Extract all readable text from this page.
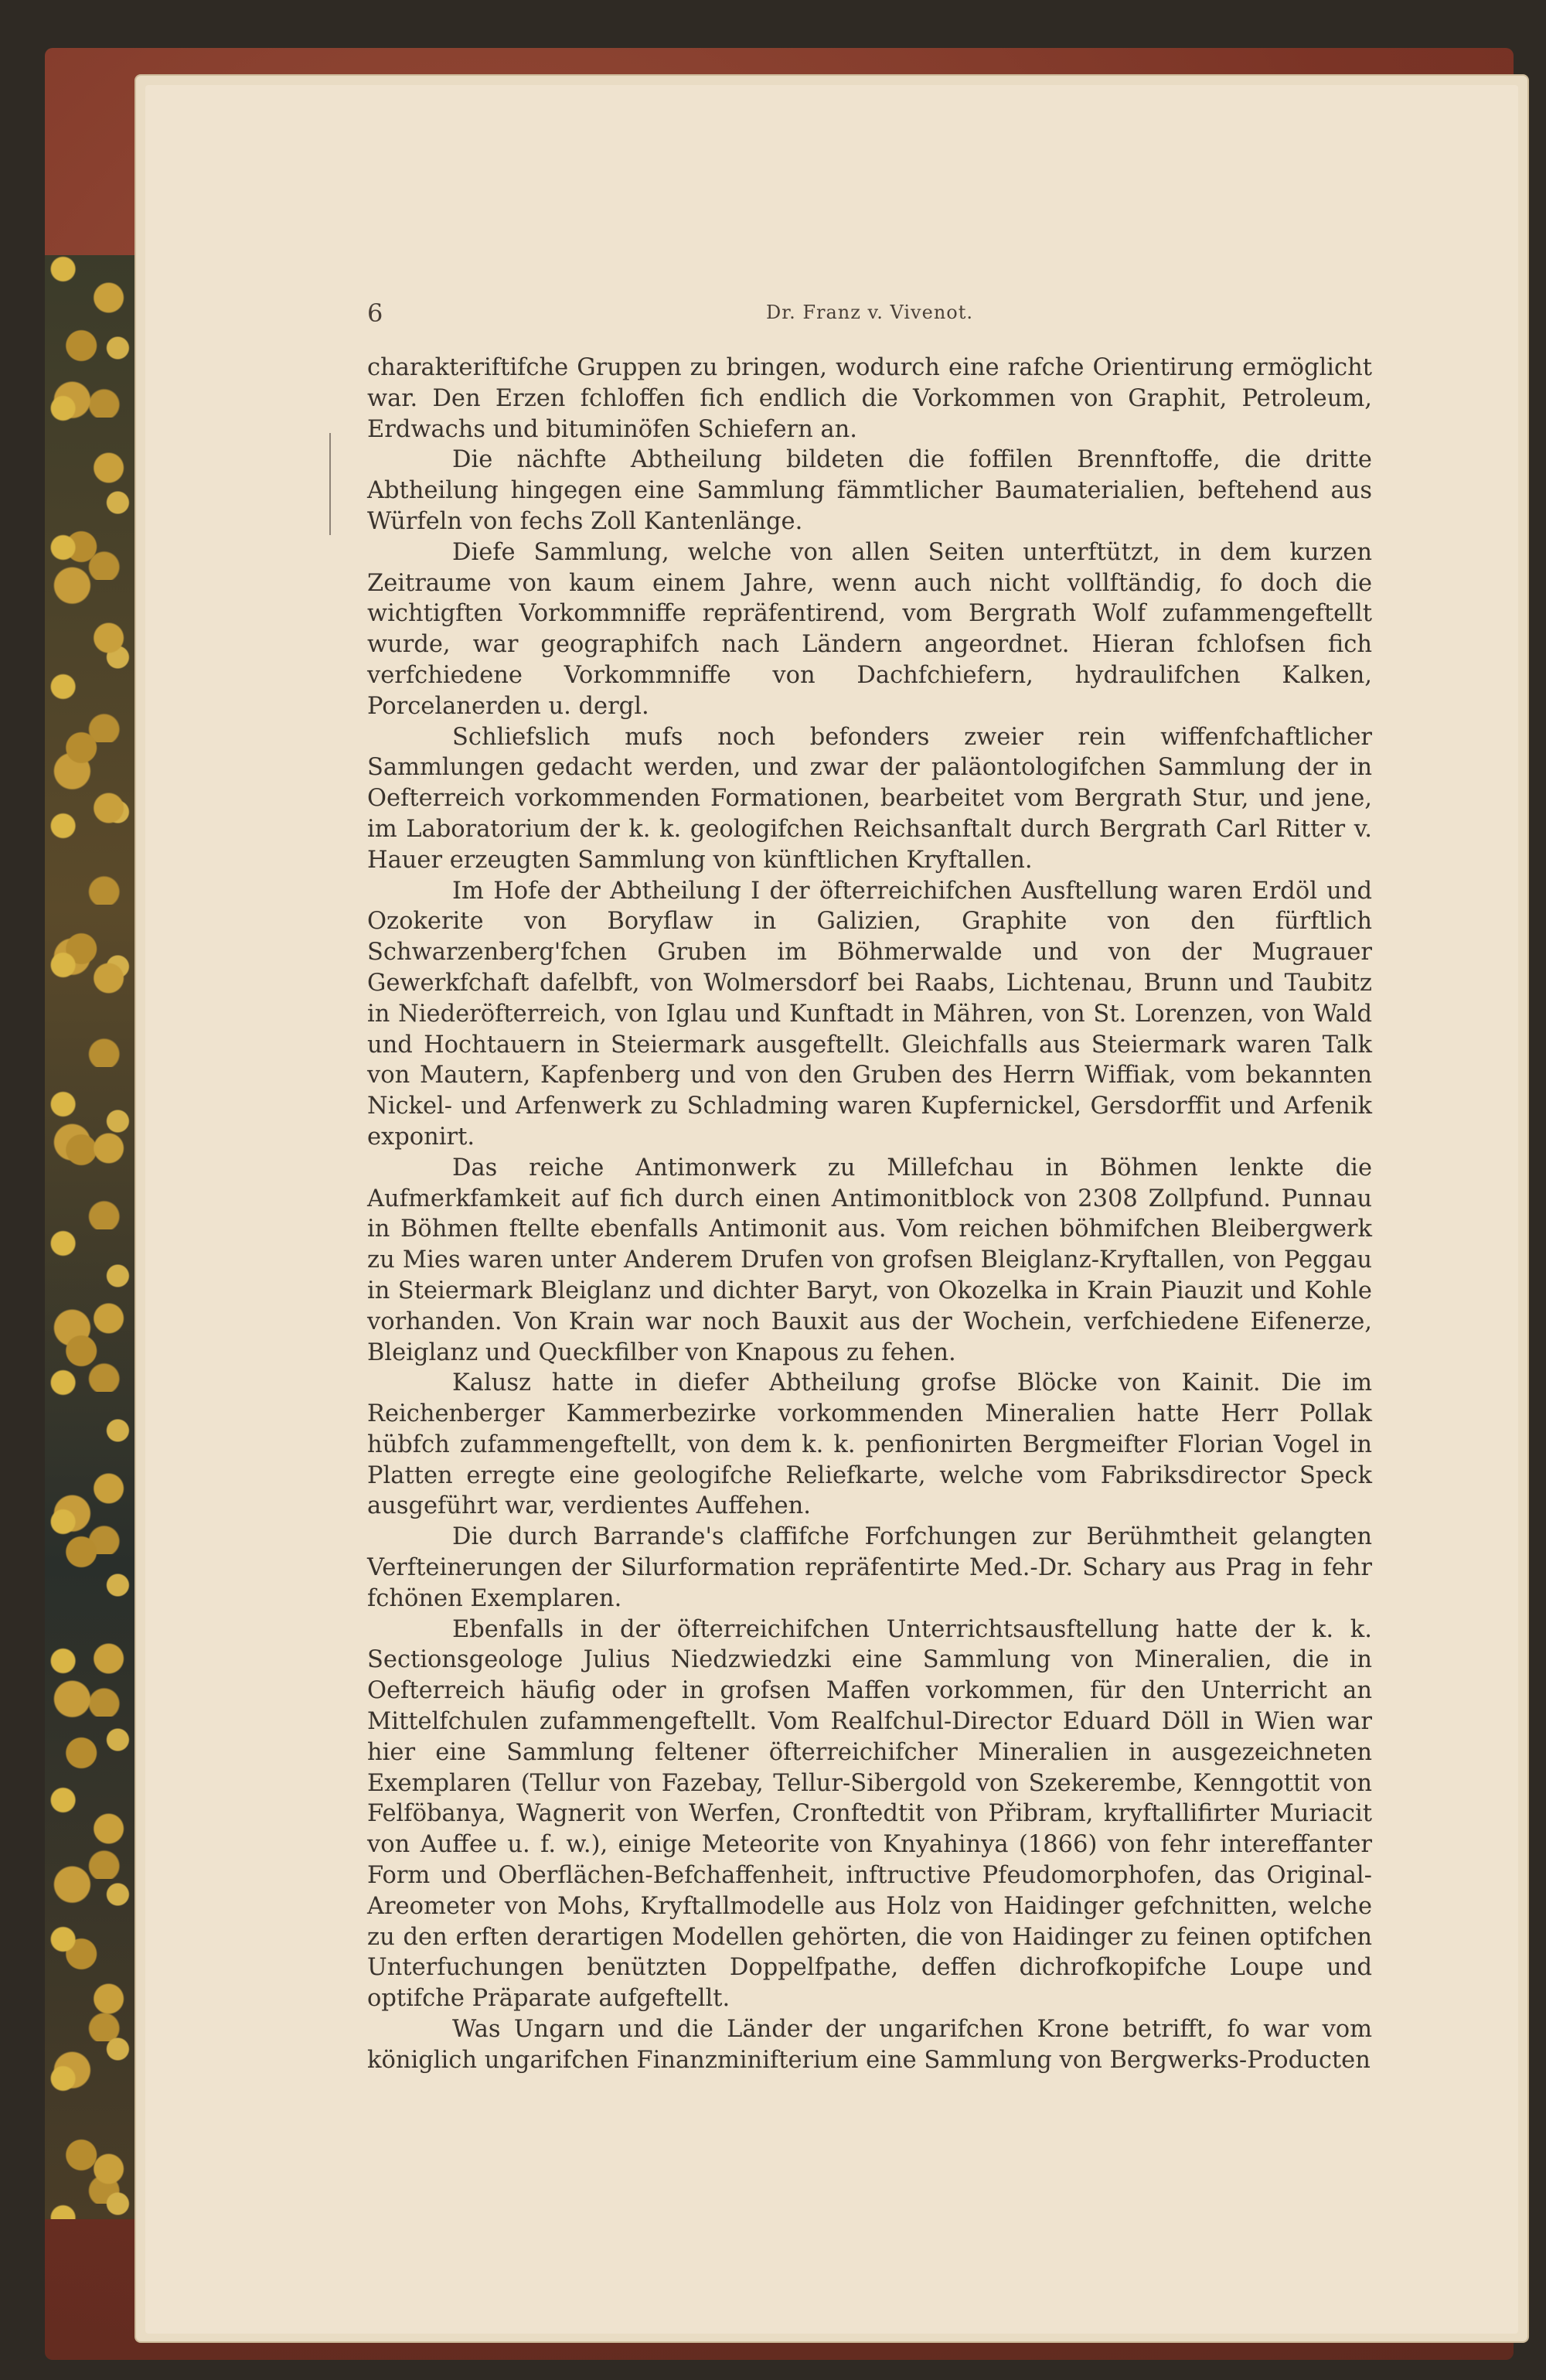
6	Dr. Franz v. Vivenot.

charakteriftifche Gruppen zu bringen, wodurch eine rafche Orientirung ermöglicht war. Den Erzen fchloffen fich endlich die Vorkommen von Graphit, Petroleum, Erdwachs und bituminöfen Schiefern an.

Die nächfte Abtheilung bildeten die foffilen Brennftoffe, die dritte Abtheilung hingegen eine Sammlung fämmtlicher Baumaterialien, beftehend aus Würfeln von fechs Zoll Kantenlänge.

Diefe Sammlung, welche von allen Seiten unterftützt, in dem kurzen Zeitraume von kaum einem Jahre, wenn auch nicht vollftändig, fo doch die wichtigften Vorkommniffe repräfentirend, vom Bergrath Wolf zufammengeftellt wurde, war geographifch nach Ländern angeordnet. Hieran fchlofsen fich verfchiedene Vorkommniffe von Dachfchiefern, hydraulifchen Kalken, Porcelanerden u. dergl.

Schliefslich mufs noch befonders zweier rein wiffenfchaftlicher Sammlungen gedacht werden, und zwar der paläontologifchen Sammlung der in Oefterreich vorkommenden Formationen, bearbeitet vom Bergrath Stur, und jene, im Laboratorium der k. k. geologifchen Reichsanftalt durch Bergrath Carl Ritter v. Hauer erzeugten Sammlung von künftlichen Kryftallen.

Im Hofe der Abtheilung I der öfterreichifchen Ausftellung waren Erdöl und Ozokerite von Boryflaw in Galizien, Graphite von den fürftlich Schwarzenberg'fchen Gruben im Böhmerwalde und von der Mugrauer Gewerkfchaft dafelbft, von Wolmersdorf bei Raabs, Lichtenau, Brunn und Taubitz in Niederöfterreich, von Iglau und Kunftadt in Mähren, von St. Lorenzen, von Wald und Hochtauern in Steiermark ausgeftellt. Gleichfalls aus Steiermark waren Talk von Mautern, Kapfenberg und von den Gruben des Herrn Wiffiak, vom bekannten Nickel- und Arfenwerk zu Schladming waren Kupfernickel, Gersdorffit und Arfenik exponirt.

Das reiche Antimonwerk zu Millefchau in Böhmen lenkte die Aufmerkfamkeit auf fich durch einen Antimonitblock von 2308 Zollpfund. Punnau in Böhmen ftellte ebenfalls Antimonit aus. Vom reichen böhmifchen Bleibergwerk zu Mies waren unter Anderem Drufen von grofsen Bleiglanz-Kryftallen, von Peggau in Steiermark Bleiglanz und dichter Baryt, von Okozelka in Krain Piauzit und Kohle vorhanden. Von Krain war noch Bauxit aus der Wochein, verfchiedene Eifenerze, Bleiglanz und Queckfilber von Knapous zu fehen.

Kalusz hatte in diefer Abtheilung grofse Blöcke von Kainit. Die im Reichenberger Kammerbezirke vorkommenden Mineralien hatte Herr Pollak hübfch zufammengeftellt, von dem k. k. penfionirten Bergmeifter Florian Vogel in Platten erregte eine geologifche Reliefkarte, welche vom Fabriksdirector Speck ausgeführt war, verdientes Auffehen.

Die durch Barrande's claffifche Forfchungen zur Berühmtheit gelangten Verfteinerungen der Silurformation repräfentirte Med.-Dr. Schary aus Prag in fehr fchönen Exemplaren.

Ebenfalls in der öfterreichifchen Unterrichtsausftellung hatte der k. k. Sectionsgeologe Julius Niedzwiedzki eine Sammlung von Mineralien, die in Oefterreich häufig oder in grofsen Maffen vorkommen, für den Unterricht an Mittelfchulen zufammengeftellt. Vom Realfchul-Director Eduard Döll in Wien war hier eine Sammlung feltener öfterreichifcher Mineralien in ausgezeichneten Exemplaren (Tellur von Fazebay, Tellur-Sibergold von Szekerembe, Kenngottit von Felföbanya, Wagnerit von Werfen, Cronftedtit von Přibram, kryftallifirter Muriacit von Auffee u. f. w.), einige Meteorite von Knyahinya (1866) von fehr intereffanter Form und Oberflächen-Befchaffenheit, inftructive Pfeudomorphofen, das Original-Areometer von Mohs, Kryftallmodelle aus Holz von Haidinger gefchnitten, welche zu den erften derartigen Modellen gehörten, die von Haidinger zu feinen optifchen Unterfuchungen benützten Doppelfpathe, deffen dichrofkopifche Loupe und optifche Präparate aufgeftellt.

Was Ungarn und die Länder der ungarifchen Krone betrifft, fo war vom königlich ungarifchen Finanzminifterium eine Sammlung von Bergwerks-Producten
